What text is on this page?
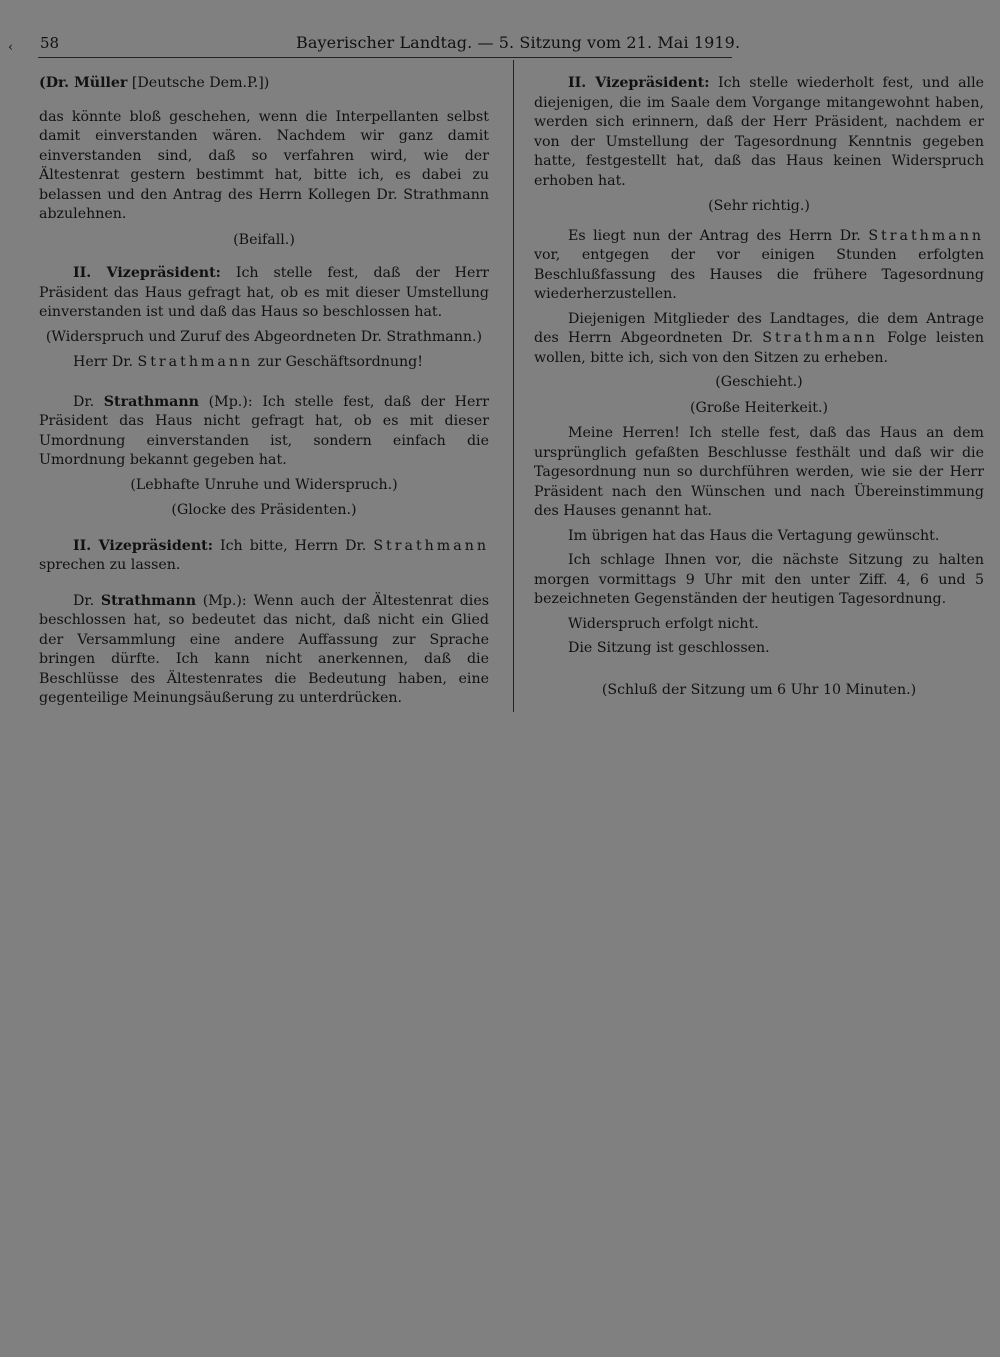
‹ 58	Bayerischer Landtag. — 5. Sitzung vom 21. Mai 1919.

(Dr. Müller [Deutsche Dem.P.])

das könnte bloß geschehen, wenn die Interpellanten selbst damit einverstanden wären. Nachdem wir ganz damit einverstanden sind, daß so verfahren wird, wie der Ältestenrat gestern bestimmt hat, bitte ich, es dabei zu belassen und den Antrag des Herrn Kollegen Dr. Strathmann abzulehnen.

(Beifall.)

II. Vizepräsident: Ich stelle fest, daß der Herr Präsident das Haus gefragt hat, ob es mit dieser Umstellung einverstanden ist und daß das Haus so beschlossen hat.

(Widerspruch und Zuruf des Abgeordneten Dr. Strathmann.)

Herr Dr. Strathmann zur Geschäftsordnung!

Dr. Strathmann (Mp.): Ich stelle fest, daß der Herr Präsident das Haus nicht gefragt hat, ob es mit dieser Umordnung einverstanden ist, sondern einfach die Umordnung bekannt gegeben hat.

(Lebhafte Unruhe und Widerspruch.)

(Glocke des Präsidenten.)

II. Vizepräsident: Ich bitte, Herrn Dr. Strathmann sprechen zu lassen.

Dr. Strathmann (Mp.): Wenn auch der Ältestenrat dies beschlossen hat, so bedeutet das nicht, daß nicht ein Glied der Versammlung eine andere Auffassung zur Sprache bringen dürfte. Ich kann nicht anerkennen, daß die Beschlüsse des Ältestenrates die Bedeutung haben, eine gegenteilige Meinungsäußerung zu unterdrücken.

II. Vizepräsident: Ich stelle wiederholt fest, und alle diejenigen, die im Saale dem Vorgange mitangewohnt haben, werden sich erinnern, daß der Herr Präsident, nachdem er von der Umstellung der Tagesordnung Kenntnis gegeben hatte, festgestellt hat, daß das Haus keinen Widerspruch erhoben hat.

(Sehr richtig.)

Es liegt nun der Antrag des Herrn Dr. Strathmann vor, entgegen der vor einigen Stunden erfolgten Beschlußfassung des Hauses die frühere Tagesordnung wiederherzustellen.

Diejenigen Mitglieder des Landtages, die dem Antrage des Herrn Abgeordneten Dr. Strathmann Folge leisten wollen, bitte ich, sich von den Sitzen zu erheben.

(Geschieht.)

(Große Heiterkeit.)

Meine Herren! Ich stelle fest, daß das Haus an dem ursprünglich gefaßten Beschlusse festhält und daß wir die Tagesordnung nun so durchführen werden, wie sie der Herr Präsident nach den Wünschen und nach Übereinstimmung des Hauses genannt hat.

Im übrigen hat das Haus die Vertagung gewünscht.

Ich schlage Ihnen vor, die nächste Sitzung zu halten morgen vormittags 9 Uhr mit den unter Ziff. 4, 6 und 5 bezeichneten Gegenständen der heutigen Tagesordnung.

Widerspruch erfolgt nicht.

Die Sitzung ist geschlossen.

(Schluß der Sitzung um 6 Uhr 10 Minuten.)
